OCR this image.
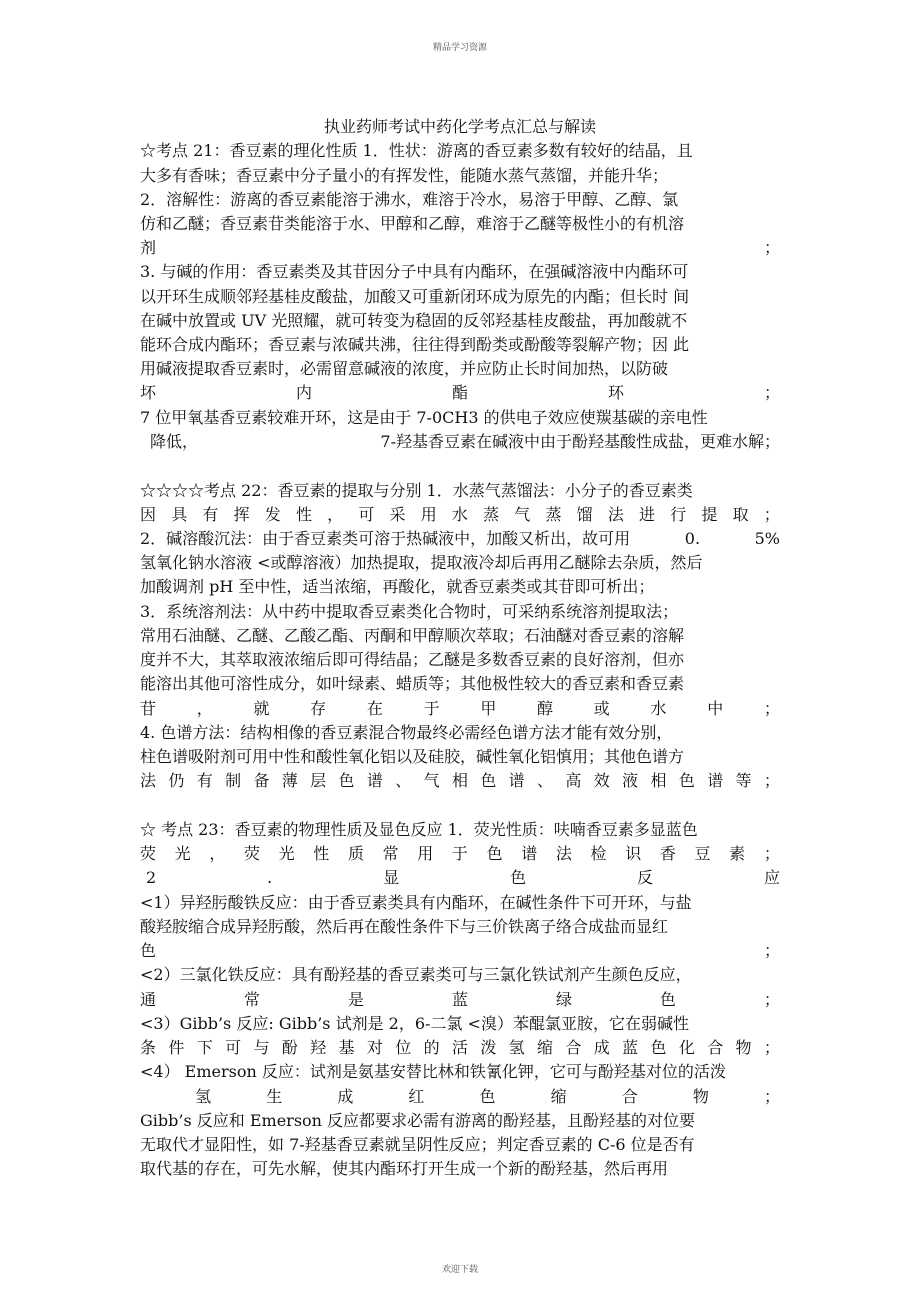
精品学习资源
执业药师考试中药化学考点汇总与解读
☆考点 21：香豆素的理化性质 1．性状：游离的香豆素多数有较好的结晶，且
大多有香味；香豆素中分子量小的有挥发性，能随水蒸气蒸馏，并能升华；
2．溶解性：游离的香豆素能溶于沸水，难溶于冷水，易溶于甲醇、乙醇、氯
仿和乙醚；香豆素苷类能溶于水、甲醇和乙醇，难溶于乙醚等极性小的有机溶
剂	；
3. 与碱的作用：香豆素类及其苷因分子中具有内酯环，在强碱溶液中内酯环可
以开环生成顺邻羟基桂皮酸盐，加酸又可重新闭环成为原先的内酯；但长时 间
在碱中放置或 UV 光照耀，就可转变为稳固的反邻羟基桂皮酸盐，再加酸就不
能环合成内酯环；香豆素与浓碱共沸，往往得到酚类或酚酸等裂解产物；因 此
用碱液提取香豆素时，必需留意碱液的浓度，并应防止长时间加热，以防破
坏	内	酯	环	；
7 位甲氧基香豆素较难开环，这是由于 7-0CH3 的供电子效应使羰基碳的亲电性
降低，	7-羟基香豆素在碱液中由于酚羟基酸性成盐，更难水解；
☆☆☆☆考点 22：香豆素的提取与分别 1．水蒸气蒸馏法：小分子的香豆素类
因 具 有 挥 发 性 ， 可 采 用 水 蒸 气 蒸 馏 法 进 行 提 取 ；
2．碱溶酸沉法：由于香豆素类可溶于热碱液中，加酸又析出，故可用	0.	5%
氢氧化钠水溶液 <或醇溶液）加热提取，提取液冷却后再用乙醚除去杂质，然后
加酸调剂 pH 至中性，适当浓缩，再酸化，就香豆素类或其苷即可析出；
3．系统溶剂法：从中药中提取香豆素类化合物时，可采纳系统溶剂提取法；
常用石油醚、乙醚、乙酸乙酯、丙酮和甲醇顺次萃取；石油醚对香豆素的溶解
度并不大，其萃取液浓缩后即可得结晶；乙醚是多数香豆素的良好溶剂，但亦
能溶出其他可溶性成分，如叶绿素、蜡质等；其他极性较大的香豆素和香豆素
苷	，	就	存	在	于	甲	醇	或	水	中	；
4. 色谱方法：结构相像的香豆素混合物最终必需经色谱方法才能有效分别，
柱色谱吸附剂可用中性和酸性氧化铝以及硅胶，碱性氧化铝慎用；其他色谱方
法 仍 有 制 备 薄 层 色 谱 、 气 相 色 谱 、 高 效 液 相 色 谱 等 ；
☆ 考点 23：香豆素的物理性质及显色反应 1．荧光性质：呋喃香豆素多显蓝色
荧 光 ， 荧 光 性 质 常 用 于 色 谱 法 检 识 香 豆 素 ；
2	.	显	色	反	应
<1）异羟肟酸铁反应：由于香豆素类具有内酯环，在碱性条件下可开环，与盐
酸羟胺缩合成异羟肟酸，然后再在酸性条件下与三价铁离子络合成盐而显红
色	；
<2）三氯化铁反应：具有酚羟基的香豆素类可与三氯化铁试剂产生颜色反应，
通	常	是	蓝	绿	色	；
<3）Gibb’s 反应: Gibb’s 试剂是 2，6-二氯 <溴）苯醌氯亚胺，它在弱碱性
条 件 下 可 与 酚 羟 基 对 位 的 活 泼 氢 缩 合 成 蓝 色 化 合 物 ；
<4） Emerson 反应：试剂是氨基安替比林和铁氰化钾，它可与酚羟基对位的活泼
氢	生	成	红	色	缩	合	物	；
Gibb’s 反应和 Emerson 反应都要求必需有游离的酚羟基，且酚羟基的对位要
无取代才显阳性，如 7-羟基香豆素就呈阴性反应；判定香豆素的 C-6 位是否有
取代基的存在，可先水解，使其内酯环打开生成一个新的酚羟基，然后再用
欢迎下载
